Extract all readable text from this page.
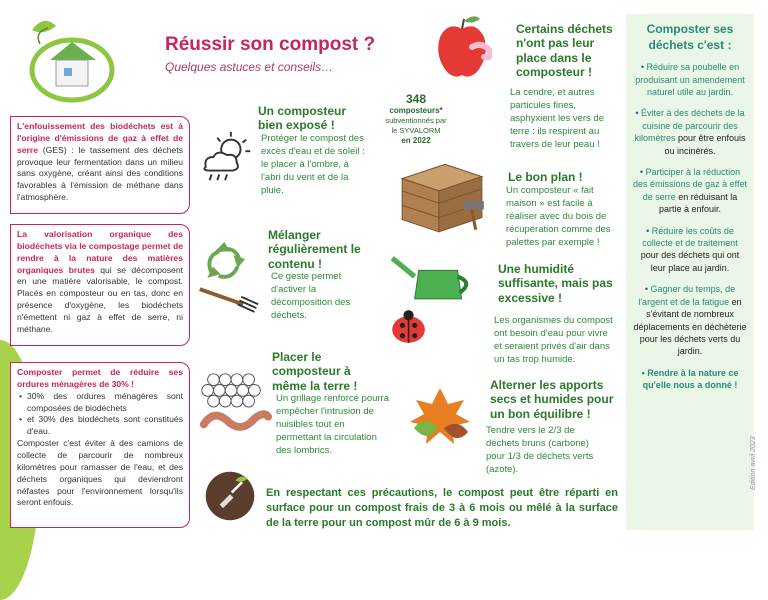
Réussir son compost ?
Quelques astuces et conseils…
L'enfouissement des biodéchets est à l'origine d'émissions de gaz à effet de serre (GES) : le tassement des déchets provoque leur fermentation dans un milieu sans oxygène, créant ainsi des conditions favorables à l'émission de méthane dans l'atmosphère.
La valorisation organique des biodéchets via le compostage permet de rendre à la nature des matières organiques brutes qui se décomposent en une matière valorisable, le compost. Placés en composteur ou en tas, donc en présence d'oxygène, les biodéchets n'émettent ni gaz à effet de serre, ni méthane.
Composter permet de réduire ses ordures ménagères de 30% !
• 30% des ordures ménagères sont composées de biodéchets
• et 30% des biodéchets sont constitués d'eau.
Composter c'est éviter à des camions de collecte de parcourir de nombreux kilomètres pour ramasser de l'eau, et des déchets organiques qui deviendront néfastes pour l'environnement lorsqu'ils seront enfouis.
Un composteur bien exposé !
Protéger le compost des excès d'eau et de soleil : le placer à l'ombre, à l'abri du vent et de la pluie.
Mélanger régulièrement le contenu !
Ce geste permet d'activer la décomposition des déchets.
Placer le composteur à même la terre !
Un grillage renforcé pourra empêcher l'intrusion de nuisibles tout en permettant la circulation des lombrics.
348
composteurs*
subventionnés par
le SYVALORM
en 2022
Certains déchets n'ont pas leur place dans le composteur !
La cendre, et autres particules fines, asphyxient les vers de terre : ils respirent au travers de leur peau !
Le bon plan !
Un composteur « fait maison » est facile à réaliser avec du bois de récupération comme des palettes par exemple !
Une humidité suffisante, mais pas excessive !
Les organismes du compost ont besoin d'eau pour vivre et seraient privés d'air dans un tas trop humide.
Alterner les apports secs et humides pour un bon équilibre !
Tendre vers le 2/3 de déchets bruns (carbone) pour 1/3 de déchets verts (azote).
En respectant ces précautions, le compost peut être réparti en surface pour un compost frais de 3 à 6 mois ou mêlé à la surface de la terre pour un compost mûr de 6 à 9 mois.
Composter ses déchets c'est :
• Réduire sa poubelle en produisant un amendement naturel utile au jardin.
• Éviter à des déchets de la cuisine de parcourir des kilomètres pour être enfouis ou incinérés.
• Participer à la réduction des émissions de gaz à effet de serre en réduisant la partie à enfouir.
• Réduire les coûts de collecte et de traitement pour des déchets qui ont leur place au jardin.
• Gagner du temps, de l'argent et de la fatigue en s'évitant de nombreux déplacements en déchèterie pour les déchets verts du jardin.
• Rendre à la nature ce qu'elle nous a donné !
Edition avril 2023
